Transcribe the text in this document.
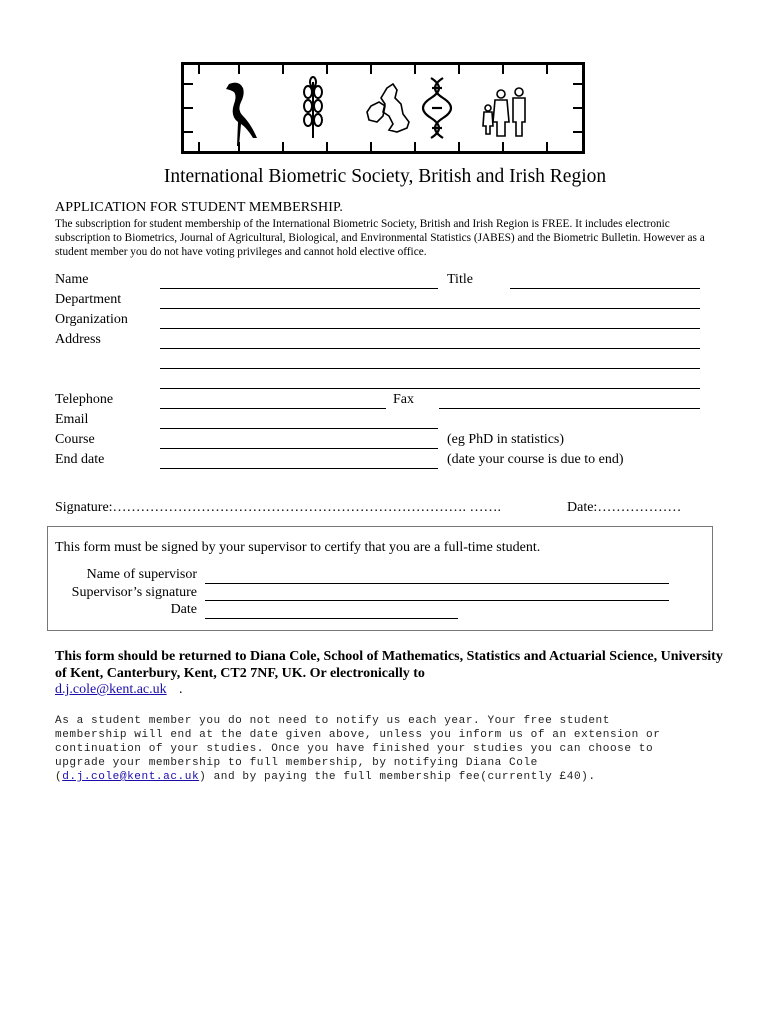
International Biometric Society, British and Irish Region
APPLICATION FOR STUDENT MEMBERSHIP.
The subscription for student membership of the International Biometric Society, British and Irish Region is FREE. It includes electronic subscription to Biometrics, Journal of Agricultural, Biological, and Environmental Statistics (JABES) and the Biometric Bulletin. However as a student member you do not have voting privileges and cannot hold elective office.
Name	Title
Department
Organization
Address
Telephone	Fax
Email
Course	(eg PhD in statistics)
End date	(date your course is due to end)
Signature:…………………………………………………………………. …….	Date:………………
This form must be signed by your supervisor to certify that you are a full-time student.
Name of supervisor
Supervisor’s signature
Date
This form should be returned to Diana Cole, School of Mathematics, Statistics and Actuarial Science, University of Kent, Canterbury, Kent, CT2 7NF, UK. Or electronically to
d.j.cole@kent.ac.uk .
As a student member you do not need to notify us each year. Your free student
membership will end at the date given above, unless you inform us of an extension or
continuation of your studies. Once you have finished your studies you can choose to
upgrade your membership to full membership, by notifying Diana Cole
(d.j.cole@kent.ac.uk) and by paying the full membership fee(currently £40).
